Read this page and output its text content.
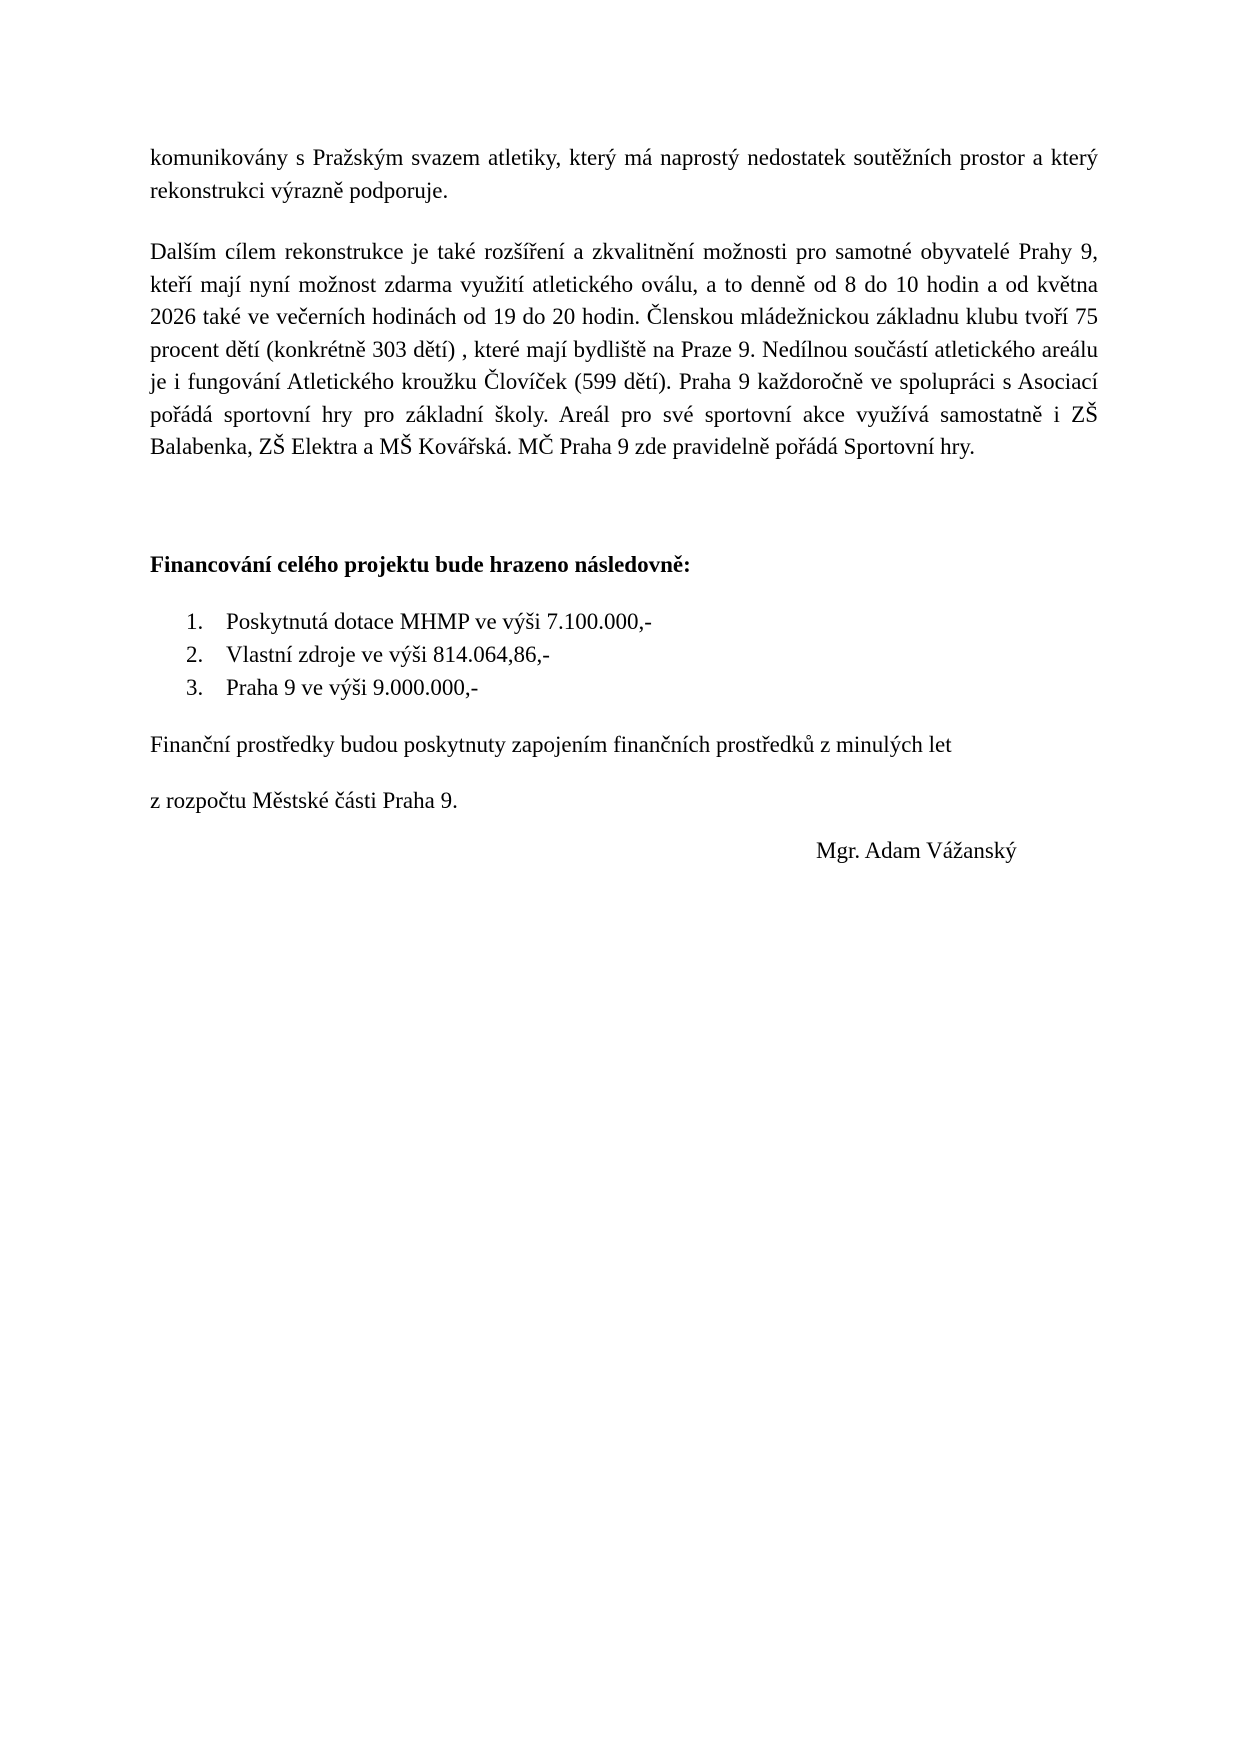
komunikovány s Pražským svazem atletiky, který má naprostý nedostatek soutěžních prostor a který rekonstrukci výrazně podporuje.

Dalším cílem rekonstrukce je také rozšíření a zkvalitnění možnosti pro samotné obyvatelé Prahy 9, kteří mají nyní možnost zdarma využití atletického oválu, a to denně od 8 do 10 hodin a od května 2026 také ve večerních hodinách od 19 do 20 hodin. Členskou mládežnickou základnu klubu tvoří 75 procent dětí (konkrétně 303 dětí) , které mají bydliště na Praze 9. Nedílnou součástí atletického areálu je i fungování Atletického kroužku Človíček (599 dětí). Praha 9 každoročně ve spolupráci s Asociací pořádá sportovní hry pro základní školy. Areál pro své sportovní akce využívá samostatně i ZŠ Balabenka, ZŠ Elektra a MŠ Kovářská. MČ Praha 9 zde pravidelně pořádá Sportovní hry.

Financování celého projektu bude hrazeno následovně:

1. Poskytnutá dotace MHMP ve výši 7.100.000,-
2. Vlastní zdroje ve výši 814.064,86,-
3. Praha 9 ve výši 9.000.000,-

Finanční prostředky budou poskytnuty zapojením finančních prostředků z minulých let

z rozpočtu Městské části Praha 9.

Mgr. Adam Vážanský
